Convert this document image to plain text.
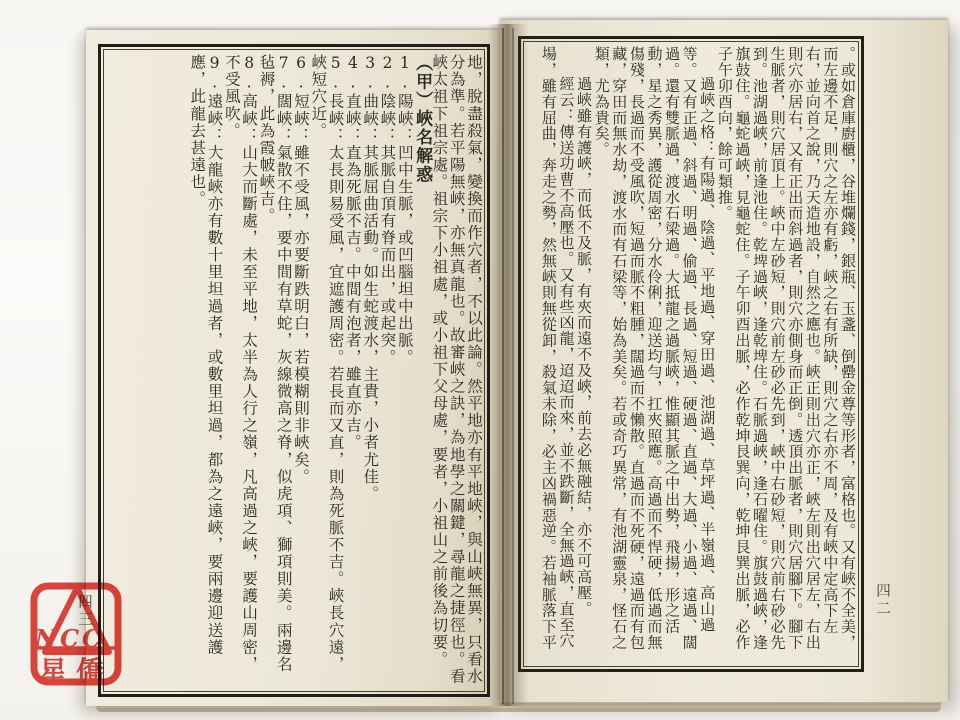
地，脫盡殺氣，變換而作穴者，不以此論。然平地亦有平地峽，與山峽無異，只看水分為準。若平陽無峽，亦無真龍也。故審峽之訣，為地學之關鍵，尋龍之捷徑也。看峽太祖下祖宗處。祖宗下小祖處，或小祖下父母處，要者，小祖山之前後為切要。

（甲）峽名解惑

1.陽峽：凹中生脈，或凹腦坦中出脈。

2.陰峽：其脈自頂有脊而出，或起突。

3.曲峽：其脈屈曲活動。如生蛇渡水，主貴，小者尤佳。

4.直峽：直為死脈不吉。中間有泡者，雖直亦吉。

5.長峽：太長則易受風，宜遮護周密。若長而又直，則為死脈不吉。峽長穴遠，峽短穴近。

6.短峽：雖不受風，亦要斷跌明白，若模糊則非峽矣。

7.闊峽：氣散不住，要中間有草蛇，灰線微高之脊，似虎項、獅項則美。兩邊名毡褥，此為霞帔峽吉。

8.高峽：山大而斷處，未至平地，太半為人行之嶺，凡高過之峽，要護山周密，不受風吹。

9.遠峽：大龍峽亦有數十里坦過者，或數里坦過，都為之遠峽，要兩邊迎送護應，此龍去甚遠也。	。或如倉庫廚櫃，谷堆爛錢，銀瓶、玉盞、倒罍金尊等形者，富格也。又有峽不全美，而左邊不足，則穴之左亦有虧，峽之右有所缺，則穴之右亦不周，及有峽中定高下左右，並向首之說，乃天造地設，自然之應也。峽正則出穴亦正，峽左則出穴居左，右出則穴亦居右，又有正出而斜過者，則穴亦側身而正倒。透頂出脈者，則穴居腳下。腳下生脈者，則穴居頂上。峽中左砂短，則穴前左砂必先到，峽中右砂短，則穴前右砂必先到。池湖過峽，前逢池住。乾埤過峽，逢乾埤住。石脈過峽，逢石曜住。旗鼓過峽，逢旗鼓住。龜蛇過峽，見龜蛇住。子午卯酉出脈，必作乾坤艮巽向，乾坤艮巽出脈，必作子午卯酉向，餘可類推。

過峽之格：有陽過、陰過、平地過、穿田過、池湖過、草坪過、半嶺過、高山過等。又有正過、斜過、明過、偷過、長過、短過、硬過、直過、大過、小過、遠過、闊過。還有雙脈過，渡水石梁過。大抵龍之過脈峽，惟顯其脈之中出勢，飛揚，形之活動，星之秀異，護從周密，分水伶俐，迎送均勻，扛夾照應。高過而不悍硬，低過而無傷殘，長過而不受風吹，短過而脈不粗腫，闊過而不懶散。直過而不死硬，遠過而有包藏，穿田而無水劫，渡水而有石梁等，始為美矣。若或奇巧異常，有池湖靈泉，怪石之類，尤為貴矣。

過峽雖有護峽，而低不及脈，有夾而遠不及峽，前去必無融結，亦不可高壓。

經云：傳送功曹不高壓也。又有些凶龍，迢迢而來，並不跌斷，全無過峽，直至穴場，雖有屈曲，奔走之勢，然無峽則無從卸，殺氣未除，必主凶禍惡逆。若袖脈落下平	四二
四三
NCC
星僑
